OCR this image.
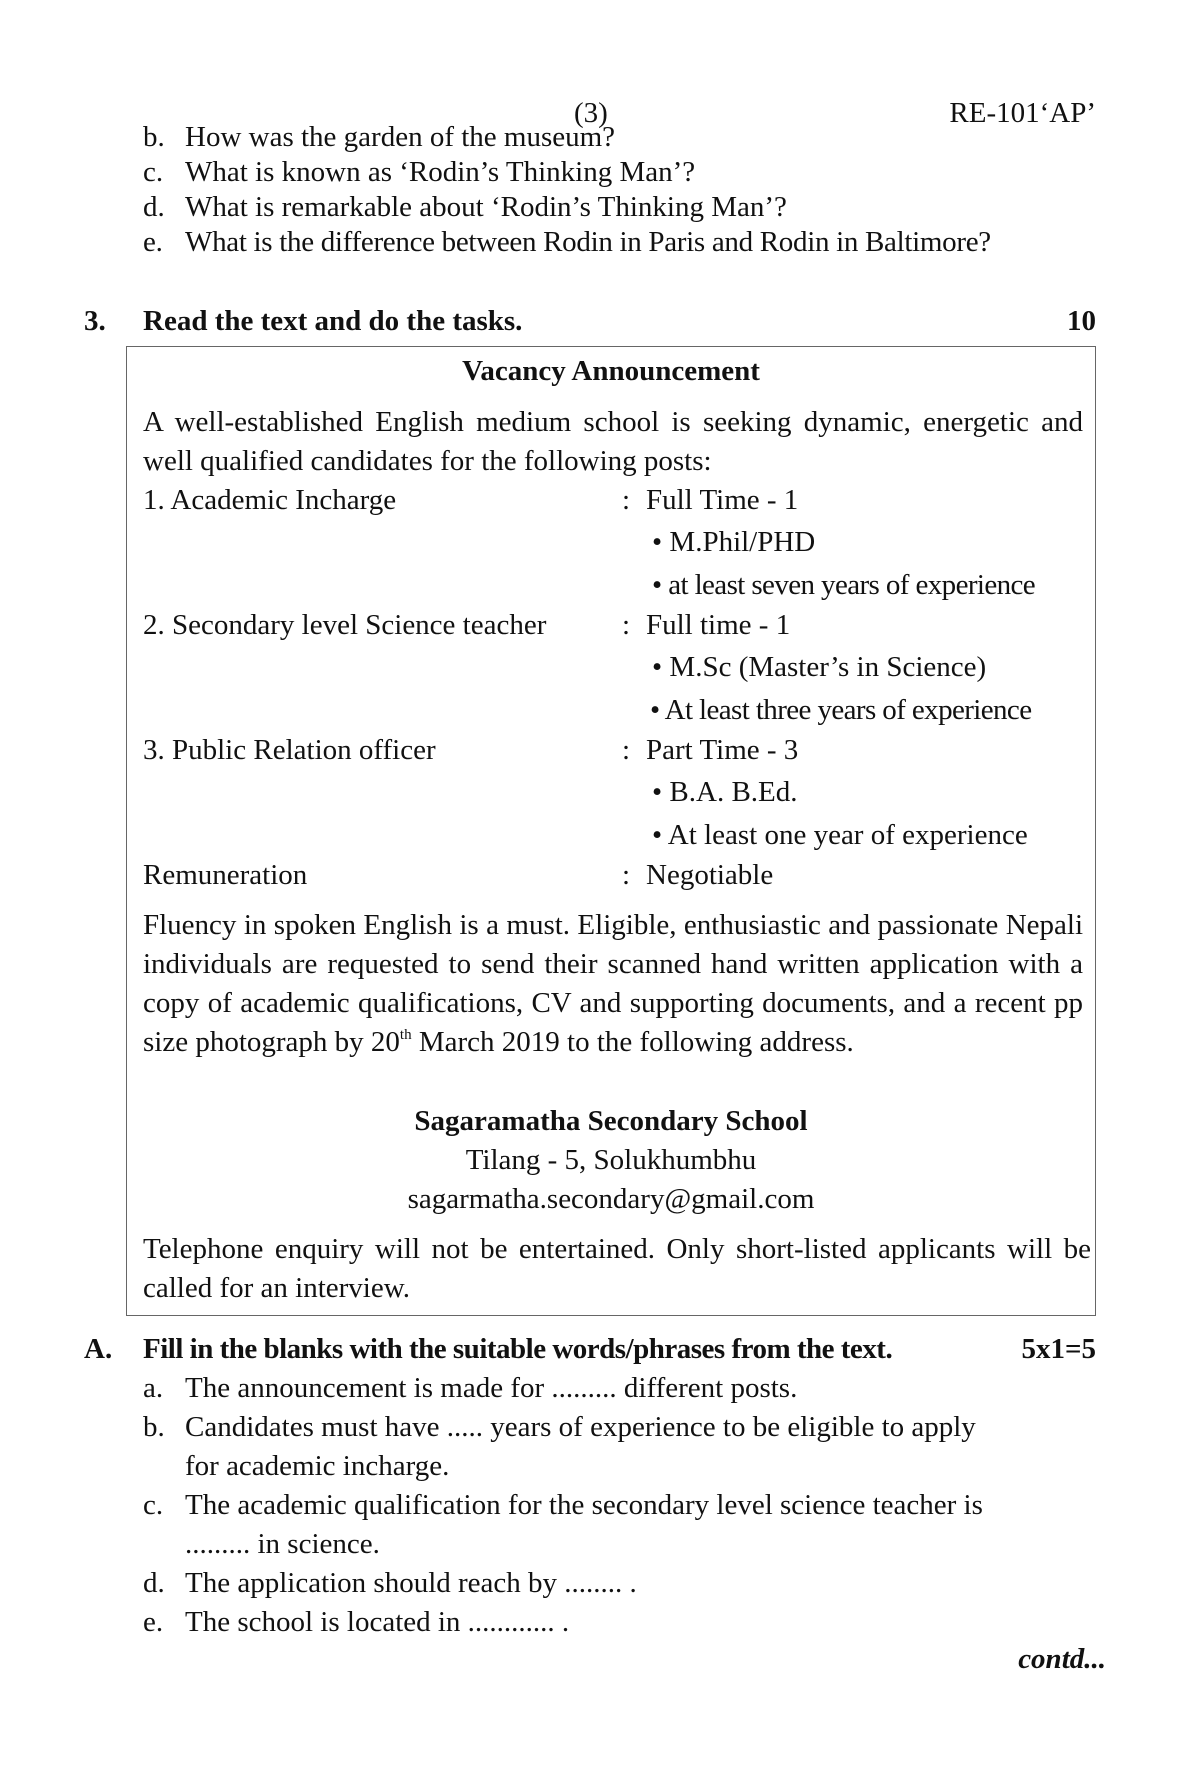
(3)	RE-101‘AP’
b. How was the garden of the museum?
c. What is known as ‘Rodin’s Thinking Man’?
d. What is remarkable about ‘Rodin’s Thinking Man’?
e. What is the difference between Rodin in Paris and Rodin in Baltimore?
3. Read the text and do the tasks.	10
Vacancy Announcement
A well-established English medium school is seeking dynamic, energetic and well qualified candidates for the following posts:
1. Academic Incharge	: Full Time - 1
• M.Phil/PHD
• at least seven years of experience
2. Secondary level Science teacher	: Full time - 1
• M.Sc (Master’s in Science)
• At least three years of experience
3. Public Relation officer	: Part Time - 3
• B.A. B.Ed.
• At least one year of experience
Remuneration	: Negotiable
Fluency in spoken English is a must. Eligible, enthusiastic and passionate Nepali individuals are requested to send their scanned hand written application with a copy of academic qualifications, CV and supporting documents, and a recent pp size photograph by 20th March 2019 to the following address.
Sagaramatha Secondary School
Tilang - 5, Solukhumbhu
sagarmatha.secondary@gmail.com
Telephone enquiry will not be entertained. Only short-listed applicants will be called for an interview.
A. Fill in the blanks with the suitable words/phrases from the text.	5x1=5
a. The announcement is made for ......... different posts.
b. Candidates must have ..... years of experience to be eligible to apply
for academic incharge.
c. The academic qualification for the secondary level science teacher is
......... in science.
d. The application should reach by ........ .
e. The school is located in ............ .
contd...
